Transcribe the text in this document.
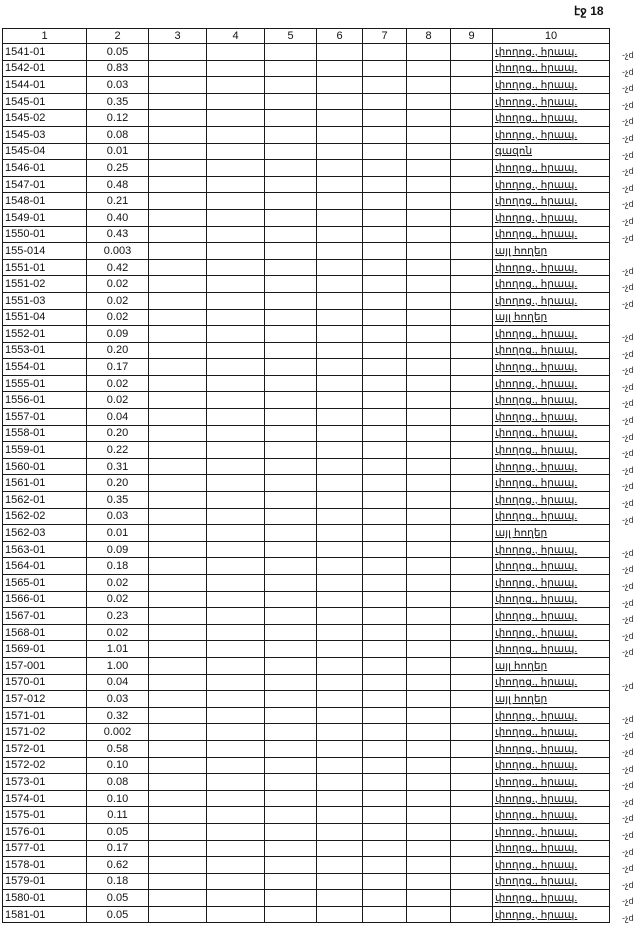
էջ 18
1	2	3	4	5	6	7	8	9	10
1541-01	0.05								փողոց., հրապ.
1542-01	0.83								փողոց., հրապ.
1544-01	0.03								փողոց., հրապ.
1545-01	0.35								փողոց., հրապ.
1545-02	0.12								փողոց., հրապ.
1545-03	0.08								փողոց., հրապ.
1545-04	0.01								գազոն
1546-01	0.25								փողոց., հրապ.
1547-01	0.48								փողոց., հրապ.
1548-01	0.21								փողոց., հրապ.
1549-01	0.40								փողոց., հրապ.
1550-01	0.43								փողոց., հրապ.
155-014	0.003								այլ հողեր
1551-01	0.42								փողոց., հրապ.
1551-02	0.02								փողոց., հրապ.
1551-03	0.02								փողոց., հրապ.
1551-04	0.02								այլ հողեր
1552-01	0.09								փողոց., հրապ.
1553-01	0.20								փողոց., հրապ.
1554-01	0.17								փողոց., հրապ.
1555-01	0.02								փողոց., հրապ.
1556-01	0.02								փողոց., հրապ.
1557-01	0.04								փողոց., հրապ.
1558-01	0.20								փողոց., հրապ.
1559-01	0.22								փողոց., հրապ.
1560-01	0.31								փողոց., հրապ.
1561-01	0.20								փողոց., հրապ.
1562-01	0.35								փողոց., հրապ.
1562-02	0.03								փողոց., հրապ.
1562-03	0.01								այլ հողեր
1563-01	0.09								փողոց., հրապ.
1564-01	0.18								փողոց., հրապ.
1565-01	0.02								փողոց., հրապ.
1566-01	0.02								փողոց., հրապ.
1567-01	0.23								փողոց., հրապ.
1568-01	0.02								փողոց., հրապ.
1569-01	1.01								փողոց., հրապ.
157-001	1.00								այլ հողեր
1570-01	0.04								փողոց., հրապ.
157-012	0.03								այլ հողեր
1571-01	0.32								փողոց., հրապ.
1571-02	0.002								փողոց., հրապ.
1572-01	0.58								փողոց., հրապ.
1572-02	0.10								փողոց., հրապ.
1573-01	0.08								փողոց., հրապ.
1574-01	0.10								փողոց., հրապ.
1575-01	0.11								փողոց., հրապ.
1576-01	0.05								փողոց., հրապ.
1577-01	0.17								փողոց., հրապ.
1578-01	0.62								փողոց., հրապ.
1579-01	0.18								փողոց., հրապ.
1580-01	0.05								փողոց., հրապ.
1581-01	0.05								փողոց., հրապ.
-չd
-չd
-չd
-չd
-չd
-չd
-չd
-չd
-չd
-չd
-չd
-չd
-չd
-չd
-չd
-չd
-չd
-չd
-չd
-չd
-չd
-չd
-չd
-չd
-չd
-չd
-չd
-չd
-չd
-չd
-չd
-չd
-չd
-չd
-չd
-չd
-չd
-չd
-չd
-չd
-չd
-չd
-չd
-չd
-չd
-չd
-չd
-չd
